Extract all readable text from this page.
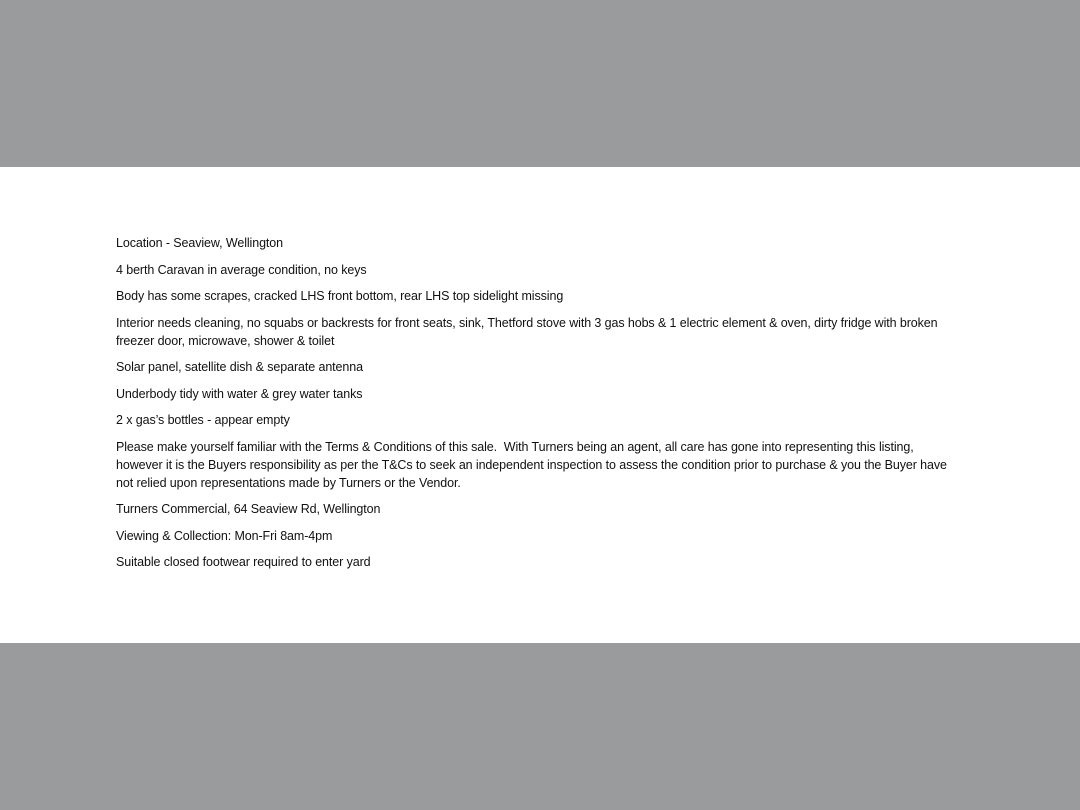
Location - Seaview, Wellington

4 berth Caravan in average condition, no keys

Body has some scrapes, cracked LHS front bottom, rear LHS top sidelight missing

Interior needs cleaning, no squabs or backrests for front seats, sink, Thetford stove with 3 gas hobs & 1 electric element & oven, dirty fridge with broken freezer door, microwave, shower & toilet

Solar panel, satellite dish & separate antenna

Underbody tidy with water & grey water tanks

2 x gas’s bottles - appear empty

Please make yourself familiar with the Terms & Conditions of this sale.  With Turners being an agent, all care has gone into representing this listing, however it is the Buyers responsibility as per the T&Cs to seek an independent inspection to assess the condition prior to purchase & you the Buyer have not relied upon representations made by Turners or the Vendor.

Turners Commercial, 64 Seaview Rd, Wellington

Viewing & Collection: Mon-Fri 8am-4pm

Suitable closed footwear required to enter yard
